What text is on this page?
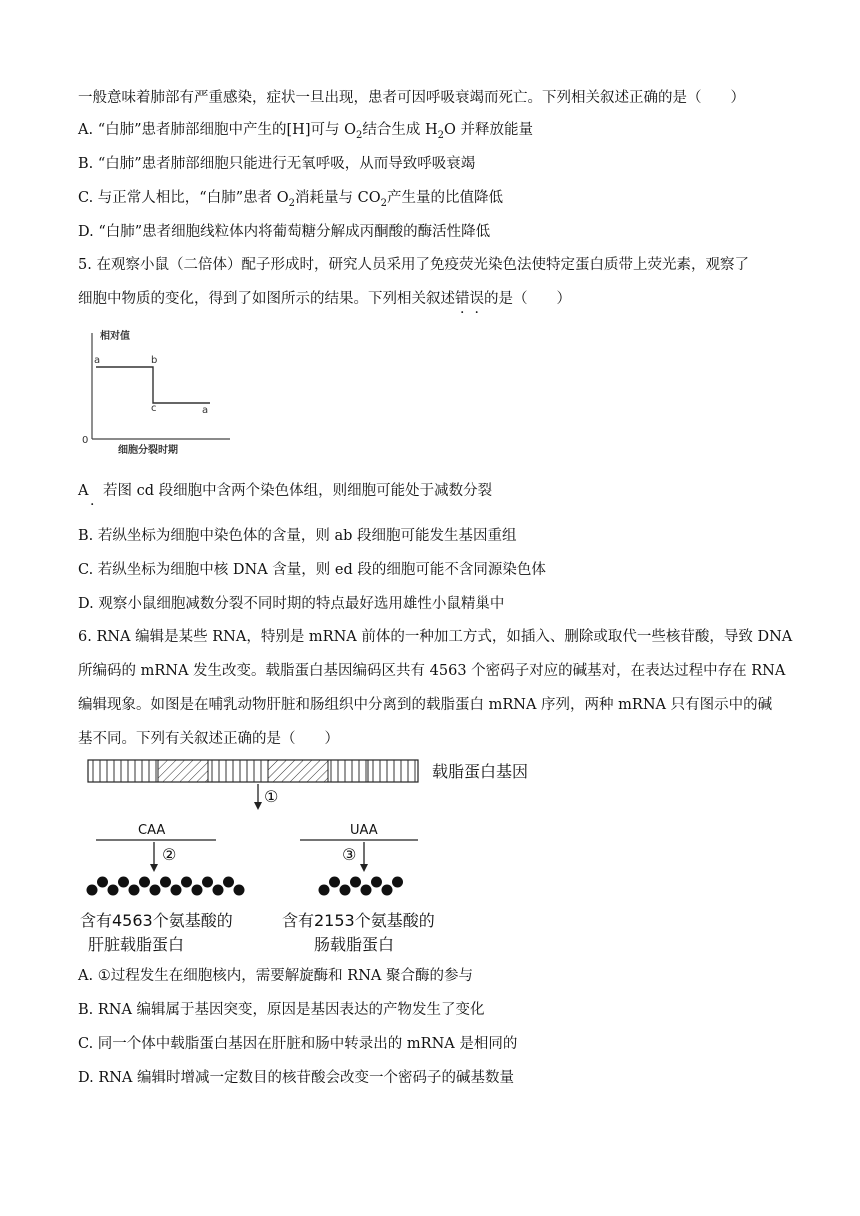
一般意味着肺部有严重感染，症状一旦出现，患者可因呼吸衰竭而死亡。下列相关叙述正确的是（　　）
A. “白肺”患者肺部细胞中产生的[H]可与 $O_2$结合生成 $H_2O$ 并释放能量
B. “白肺”患者肺部细胞只能进行无氧呼吸，从而导致呼吸衰竭
C. 与正常人相比，“白肺”患者 $O_2$消耗量与 $CO_2$产生量的比值降低
D. “白肺”患者细胞线粒体内将葡萄糖分解成丙酮酸的酶活性降低
5. 在观察小鼠（二倍体）配子形成时，研究人员采用了免疫荧光染色法使特定蛋白质带上荧光素，观察了
细胞中物质的变化，得到了如图所示的结果。下列相关叙述错误的是（　　）
相对值
细胞分裂时期
0
a	b
c	a
A　若图 cd 段细胞中含两个染色体组，则细胞可能处于减数分裂
·
B. 若纵坐标为细胞中染色体的含量，则 ab 段细胞可能发生基因重组
C. 若纵坐标为细胞中核 DNA 含量，则 ed 段的细胞可能不含同源染色体
D. 观察小鼠细胞减数分裂不同时期的特点最好选用雄性小鼠精巢中
6. RNA 编辑是某些 RNA，特别是 mRNA 前体的一种加工方式，如插入、删除或取代一些核苷酸，导致 DNA
所编码的 mRNA 发生改变。载脂蛋白基因编码区共有 4563 个密码子对应的碱基对，在表达过程中存在 RNA
编辑现象。如图是在哺乳动物肝脏和肠组织中分离到的载脂蛋白 mRNA 序列，两种 mRNA 只有图示中的碱
基不同。下列有关叙述正确的是（　　）
载脂蛋白基因
①
CAA
②
含有4563个氨基酸的
肝脏载脂蛋白
UAA
③
含有2153个氨基酸的
肠载脂蛋白
A. ①过程发生在细胞核内，需要解旋酶和 RNA 聚合酶的参与
B. RNA 编辑属于基因突变，原因是基因表达的产物发生了变化
C. 同一个体中载脂蛋白基因在肝脏和肠中转录出的 mRNA 是相同的
D. RNA 编辑时增减一定数目的核苷酸会改变一个密码子的碱基数量
